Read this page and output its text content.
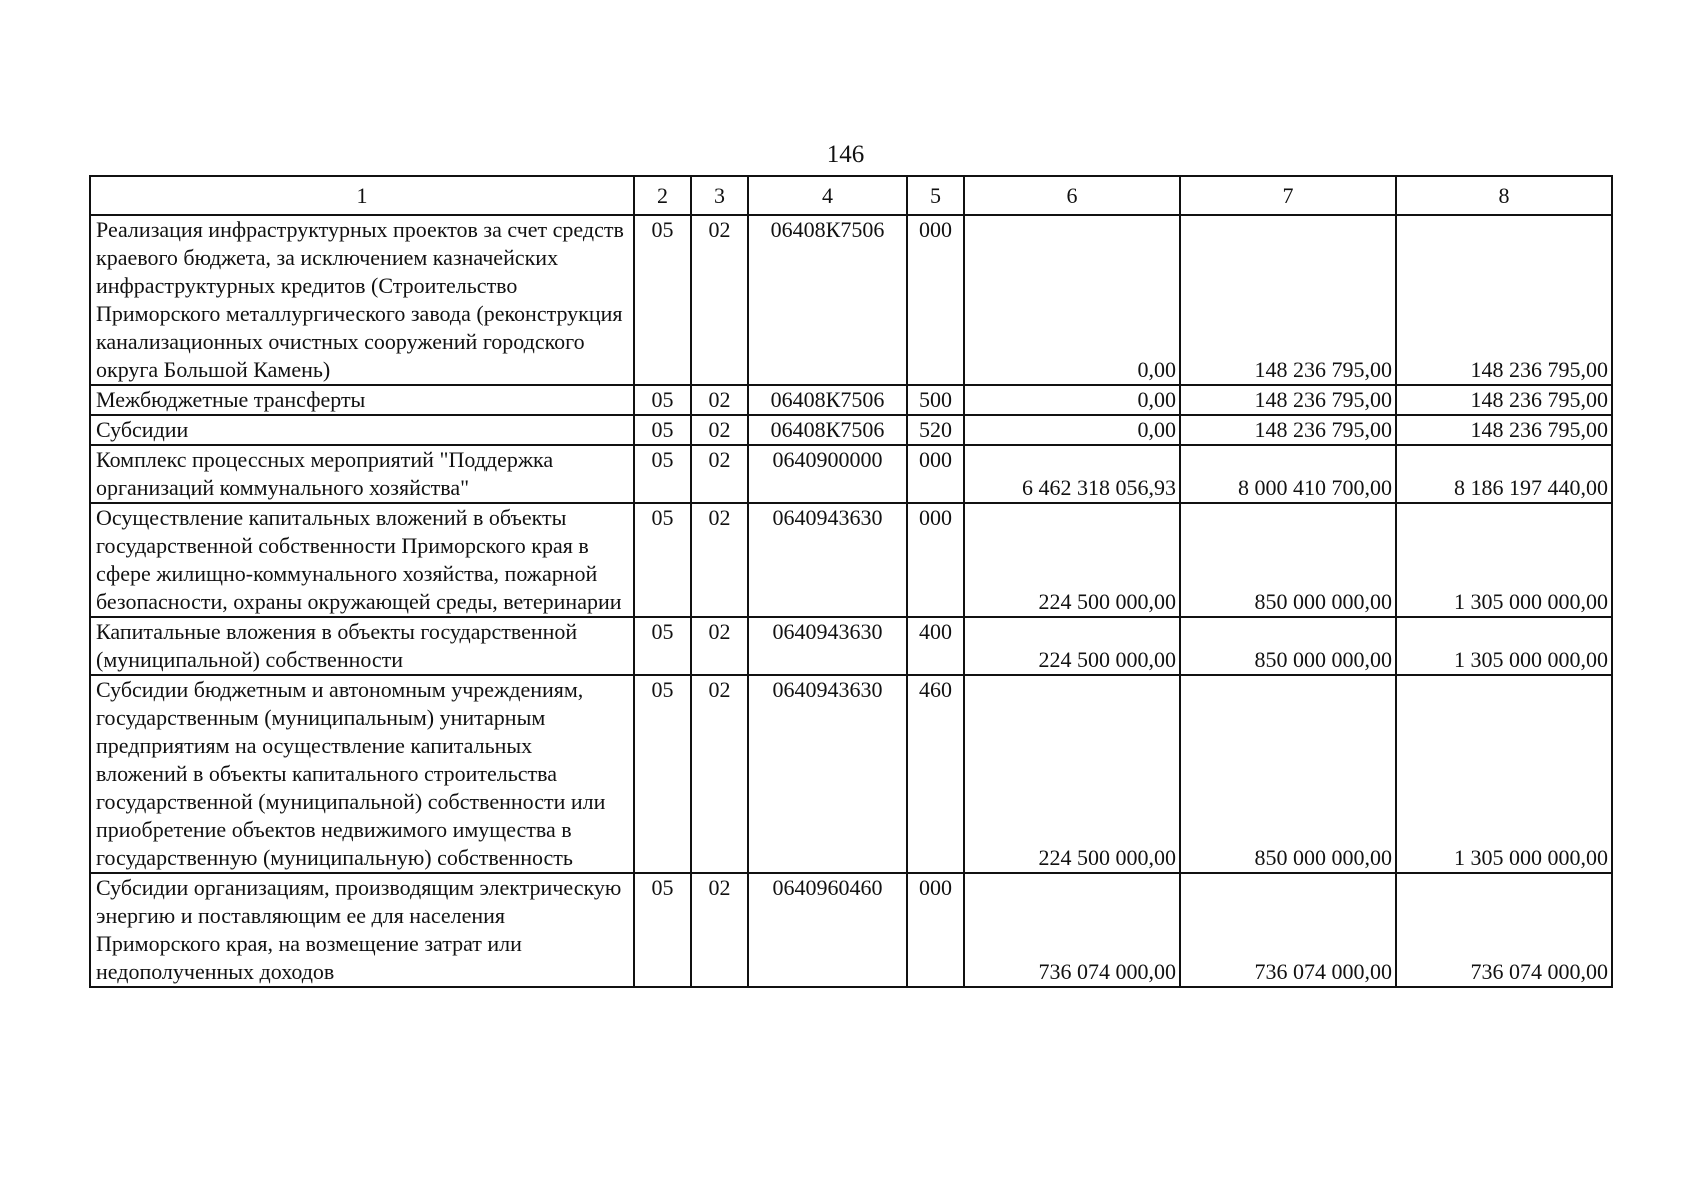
146
1	2	3	4	5	6	7	8
Реализация инфраструктурных проектов за счет средств краевого бюджета, за исключением казначейских инфраструктурных кредитов (Строительство Приморского металлургического завода (реконструкция канализационных очистных сооружений городского округа Большой Камень)	05	02	06408К7506	000	0,00	148 236 795,00	148 236 795,00
Межбюджетные трансферты	05	02	06408К7506	500	0,00	148 236 795,00	148 236 795,00
Субсидии	05	02	06408К7506	520	0,00	148 236 795,00	148 236 795,00
Комплекс процессных мероприятий "Поддержка организаций коммунального хозяйства"	05	02	0640900000	000	6 462 318 056,93	8 000 410 700,00	8 186 197 440,00
Осуществление капитальных вложений в объекты государственной собственности Приморского края в сфере жилищно-коммунального хозяйства, пожарной безопасности, охраны окружающей среды, ветеринарии	05	02	0640943630	000	224 500 000,00	850 000 000,00	1 305 000 000,00
Капитальные вложения в объекты государственной (муниципальной) собственности	05	02	0640943630	400	224 500 000,00	850 000 000,00	1 305 000 000,00
Субсидии бюджетным и автономным учреждениям, государственным (муниципальным) унитарным предприятиям на осуществление капитальных вложений в объекты капитального строительства государственной (муниципальной) собственности или приобретение объектов недвижимого имущества в государственную (муниципальную) собственность	05	02	0640943630	460	224 500 000,00	850 000 000,00	1 305 000 000,00
Субсидии организациям, производящим электрическую энергию и поставляющим ее для населения Приморского края, на возмещение затрат или недополученных доходов	05	02	0640960460	000	736 074 000,00	736 074 000,00	736 074 000,00
